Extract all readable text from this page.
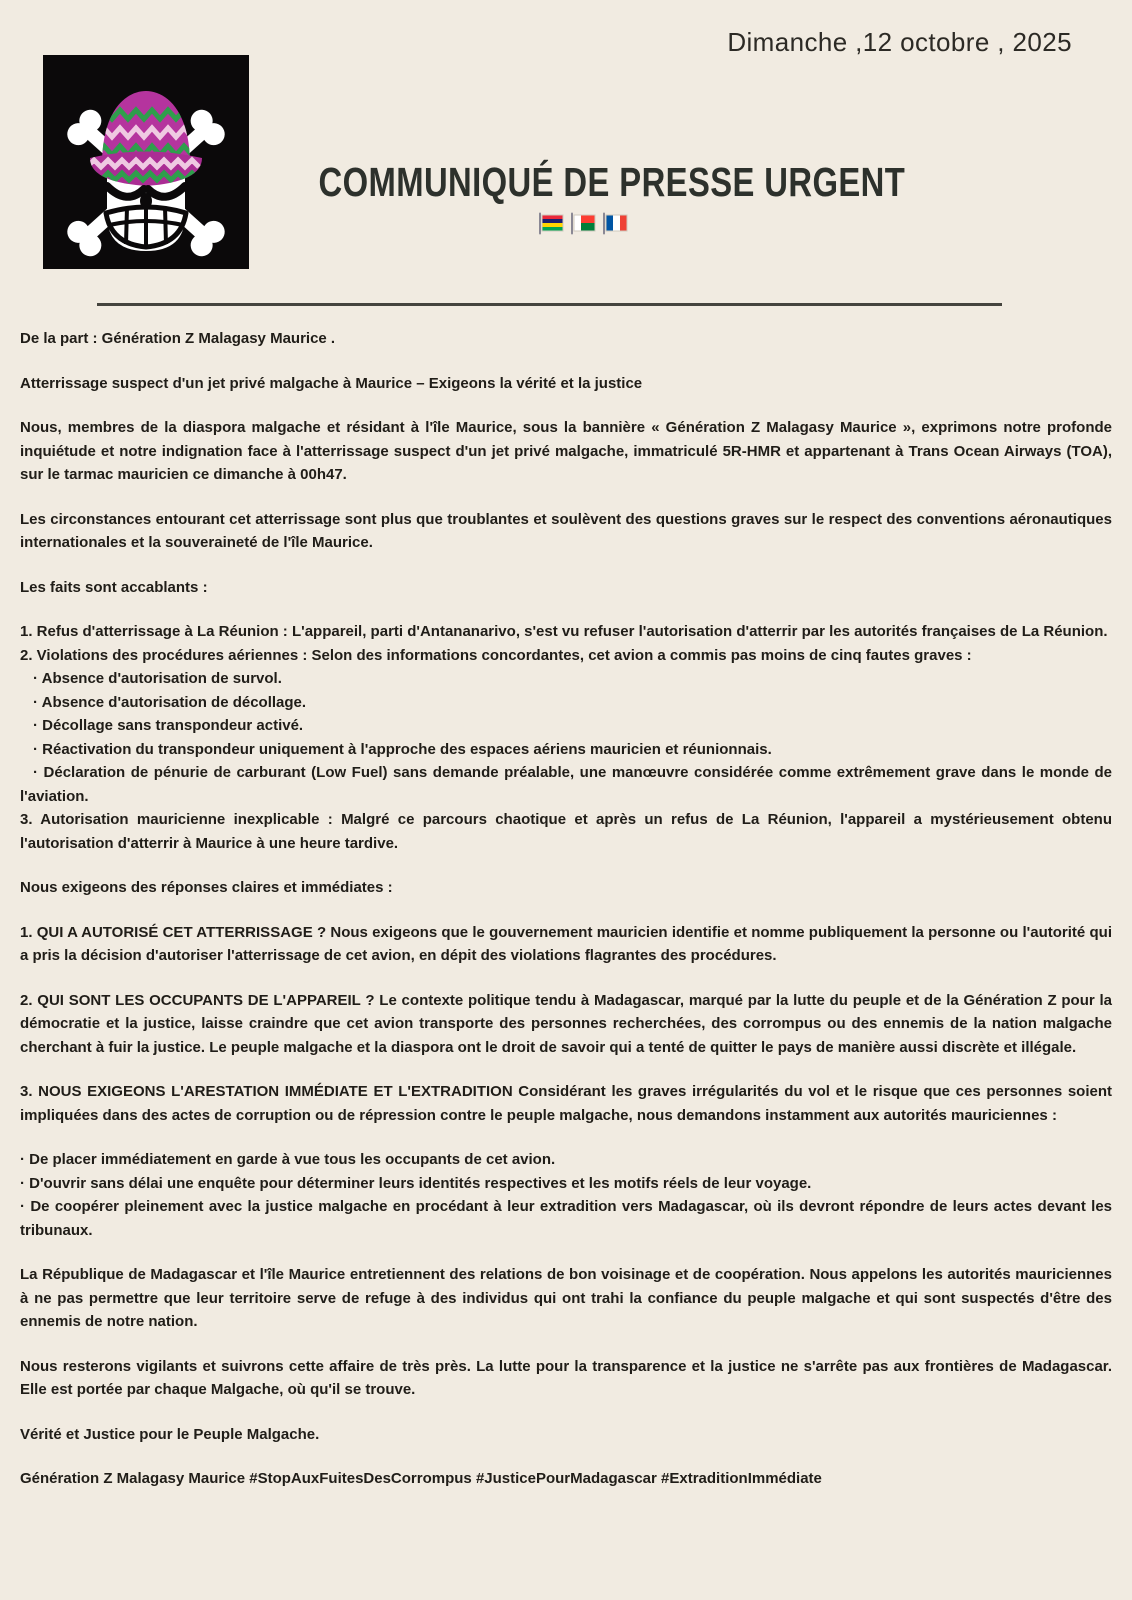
Dimanche ,12 octobre , 2025
COMMUNIQUÉ DE PRESSE URGENT

De la part : Génération Z Malagasy Maurice .

Atterrissage suspect d'un jet privé malgache à Maurice – Exigeons la vérité et la justice

Nous, membres de la diaspora malgache et résidant à l'île Maurice, sous la bannière « Génération Z Malagasy Maurice », exprimons notre profonde inquiétude et notre indignation face à l'atterrissage suspect d'un jet privé malgache, immatriculé 5R-HMR et appartenant à Trans Ocean Airways (TOA), sur le tarmac mauricien ce dimanche à 00h47.

Les circonstances entourant cet atterrissage sont plus que troublantes et soulèvent des questions graves sur le respect des conventions aéronautiques internationales et la souveraineté de l'île Maurice.

Les faits sont accablants :

1. Refus d'atterrissage à La Réunion : L'appareil, parti d'Antananarivo, s'est vu refuser l'autorisation d'atterrir par les autorités françaises de La Réunion.
2. Violations des procédures aériennes : Selon des informations concordantes, cet avion a commis pas moins de cinq fautes graves :
· Absence d'autorisation de survol.
· Absence d'autorisation de décollage.
· Décollage sans transpondeur activé.
· Réactivation du transpondeur uniquement à l'approche des espaces aériens mauricien et réunionnais.
· Déclaration de pénurie de carburant (Low Fuel) sans demande préalable, une manœuvre considérée comme extrêmement grave dans le monde de l'aviation.
3. Autorisation mauricienne inexplicable : Malgré ce parcours chaotique et après un refus de La Réunion, l'appareil a mystérieusement obtenu l'autorisation d'atterrir à Maurice à une heure tardive.

Nous exigeons des réponses claires et immédiates :

1. QUI A AUTORISÉ CET ATTERRISSAGE ? Nous exigeons que le gouvernement mauricien identifie et nomme publiquement la personne ou l'autorité qui a pris la décision d'autoriser l'atterrissage de cet avion, en dépit des violations flagrantes des procédures.

2. QUI SONT LES OCCUPANTS DE L'APPAREIL ? Le contexte politique tendu à Madagascar, marqué par la lutte du peuple et de la Génération Z pour la démocratie et la justice, laisse craindre que cet avion transporte des personnes recherchées, des corrompus ou des ennemis de la nation malgache cherchant à fuir la justice. Le peuple malgache et la diaspora ont le droit de savoir qui a tenté de quitter le pays de manière aussi discrète et illégale.

3. NOUS EXIGEONS L'ARESTATION IMMÉDIATE ET L'EXTRADITION Considérant les graves irrégularités du vol et le risque que ces personnes soient impliquées dans des actes de corruption ou de répression contre le peuple malgache, nous demandons instamment aux autorités mauriciennes :

· De placer immédiatement en garde à vue tous les occupants de cet avion.
· D'ouvrir sans délai une enquête pour déterminer leurs identités respectives et les motifs réels de leur voyage.
· De coopérer pleinement avec la justice malgache en procédant à leur extradition vers Madagascar, où ils devront répondre de leurs actes devant les tribunaux.

La République de Madagascar et l'île Maurice entretiennent des relations de bon voisinage et de coopération. Nous appelons les autorités mauriciennes à ne pas permettre que leur territoire serve de refuge à des individus qui ont trahi la confiance du peuple malgache et qui sont suspectés d'être des ennemis de notre nation.

Nous resterons vigilants et suivrons cette affaire de très près. La lutte pour la transparence et la justice ne s'arrête pas aux frontières de Madagascar. Elle est portée par chaque Malgache, où qu'il se trouve.

Vérité et Justice pour le Peuple Malgache.

Génération Z Malagasy Maurice #StopAuxFuitesDesCorrompus #JusticePourMadagascar #ExtraditionImmédiate
